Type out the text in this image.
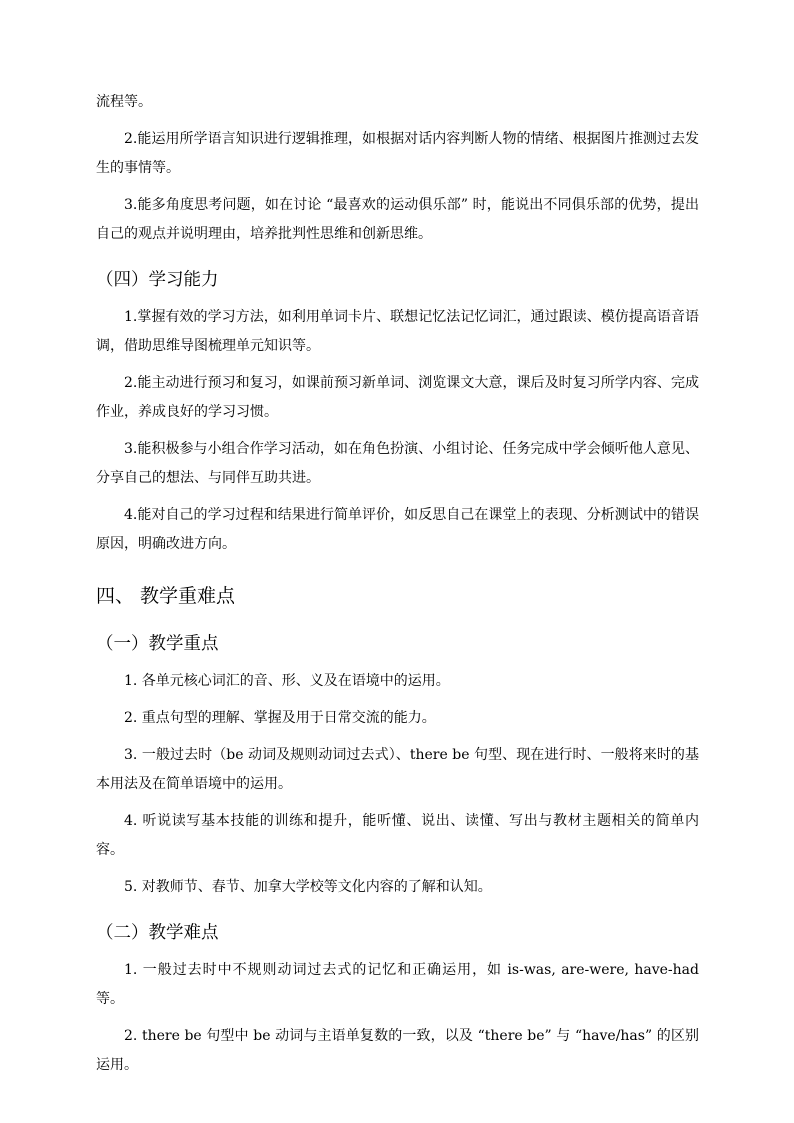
流程等。

2.能运用所学语言知识进行逻辑推理，如根据对话内容判断人物的情绪、根据图片推测过去发生的事情等。

3.能多角度思考问题，如在讨论 “最喜欢的运动俱乐部” 时，能说出不同俱乐部的优势，提出自己的观点并说明理由，培养批判性思维和创新思维。

（四）学习能力

1.掌握有效的学习方法，如利用单词卡片、联想记忆法记忆词汇，通过跟读、模仿提高语音语调，借助思维导图梳理单元知识等。

2.能主动进行预习和复习，如课前预习新单词、浏览课文大意，课后及时复习所学内容、完成作业，养成良好的学习习惯。

3.能积极参与小组合作学习活动，如在角色扮演、小组讨论、任务完成中学会倾听他人意见、分享自己的想法、与同伴互助共进。

4.能对自己的学习过程和结果进行简单评价，如反思自己在课堂上的表现、分析测试中的错误原因，明确改进方向。

四、 教学重难点
（一）教学重点

1. 各单元核心词汇的音、形、义及在语境中的运用。

2. 重点句型的理解、掌握及用于日常交流的能力。

3. 一般过去时（be 动词及规则动词过去式）、there be 句型、现在进行时、一般将来时的基本用法及在简单语境中的运用。

4. 听说读写基本技能的训练和提升，能听懂、说出、读懂、写出与教材主题相关的简单内容。

5. 对教师节、春节、加拿大学校等文化内容的了解和认知。

（二）教学难点

1. 一般过去时中不规则动词过去式的记忆和正确运用，如 is-was, are-were, have-had 等。

2. there be 句型中 be 动词与主语单复数的一致，以及 “there be” 与 “have/has” 的区别运用。
